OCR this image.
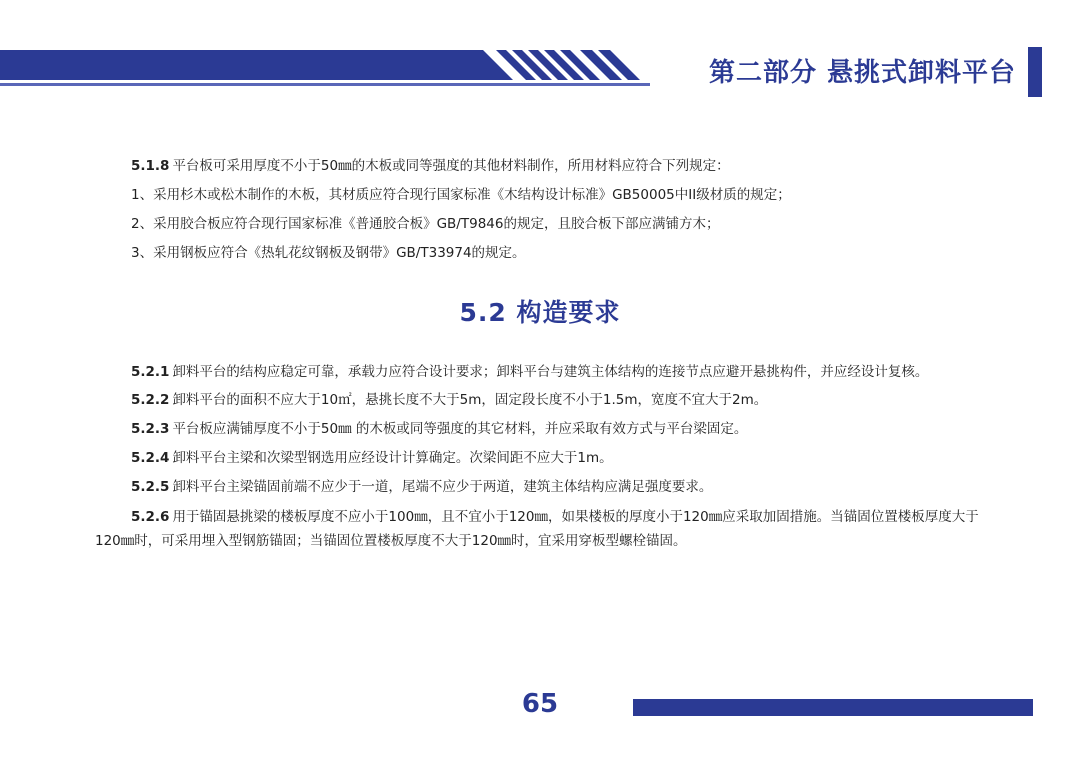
第二部分 悬挑式卸料平台

5.1.8 平台板可采用厚度不小于50㎜的木板或同等强度的其他材料制作，所用材料应符合下列规定：

1、采用杉木或松木制作的木板，其材质应符合现行国家标准《木结构设计标准》GB50005中II级材质的规定；

2、采用胶合板应符合现行国家标准《普通胶合板》GB/T9846的规定，且胶合板下部应满铺方木；

3、采用钢板应符合《热轧花纹钢板及钢带》GB/T33974的规定。

5.2 构造要求

5.2.1 卸料平台的结构应稳定可靠，承载力应符合设计要求；卸料平台与建筑主体结构的连接节点应避开悬挑构件，并应经设计复核。

5.2.2 卸料平台的面积不应大于10㎡，悬挑长度不大于5m，固定段长度不小于1.5m，宽度不宜大于2m。

5.2.3 平台板应满铺厚度不小于50㎜ 的木板或同等强度的其它材料，并应采取有效方式与平台梁固定。

5.2.4 卸料平台主梁和次梁型钢选用应经设计计算确定。次梁间距不应大于1m。

5.2.5 卸料平台主梁锚固前端不应少于一道，尾端不应少于两道，建筑主体结构应满足强度要求。

5.2.6 用于锚固悬挑梁的楼板厚度不应小于100㎜，且不宜小于120㎜，如果楼板的厚度小于120㎜应采取加固措施。当锚固位置楼板厚度大于120㎜时，可采用埋入型钢筋锚固；当锚固位置楼板厚度不大于120㎜时，宜采用穿板型螺栓锚固。

65
